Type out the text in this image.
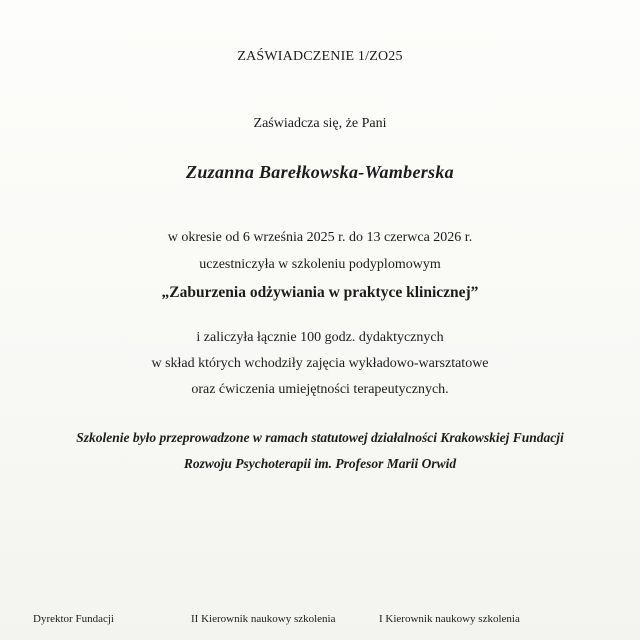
ZAŚWIADCZENIE 1/ZO25
Zaświadcza się, że Pani
Zuzanna Barełkowska-Wamberska
w okresie od 6 września 2025 r. do 13 czerwca 2026 r.
uczestniczyła w szkoleniu podyplomowym
„Zaburzenia odżywiania w praktyce klinicznej”
i zaliczyła łącznie 100 godz. dydaktycznych
w skład których wchodziły zajęcia wykładowo-warsztatowe
oraz ćwiczenia umiejętności terapeutycznych.
Szkolenie było przeprowadzone w ramach statutowej działalności Krakowskiej Fundacji
Rozwoju Psychoterapii im. Profesor Marii Orwid
Dyrektor Fundacji	II Kierownik naukowy szkolenia	I Kierownik naukowy szkolenia
